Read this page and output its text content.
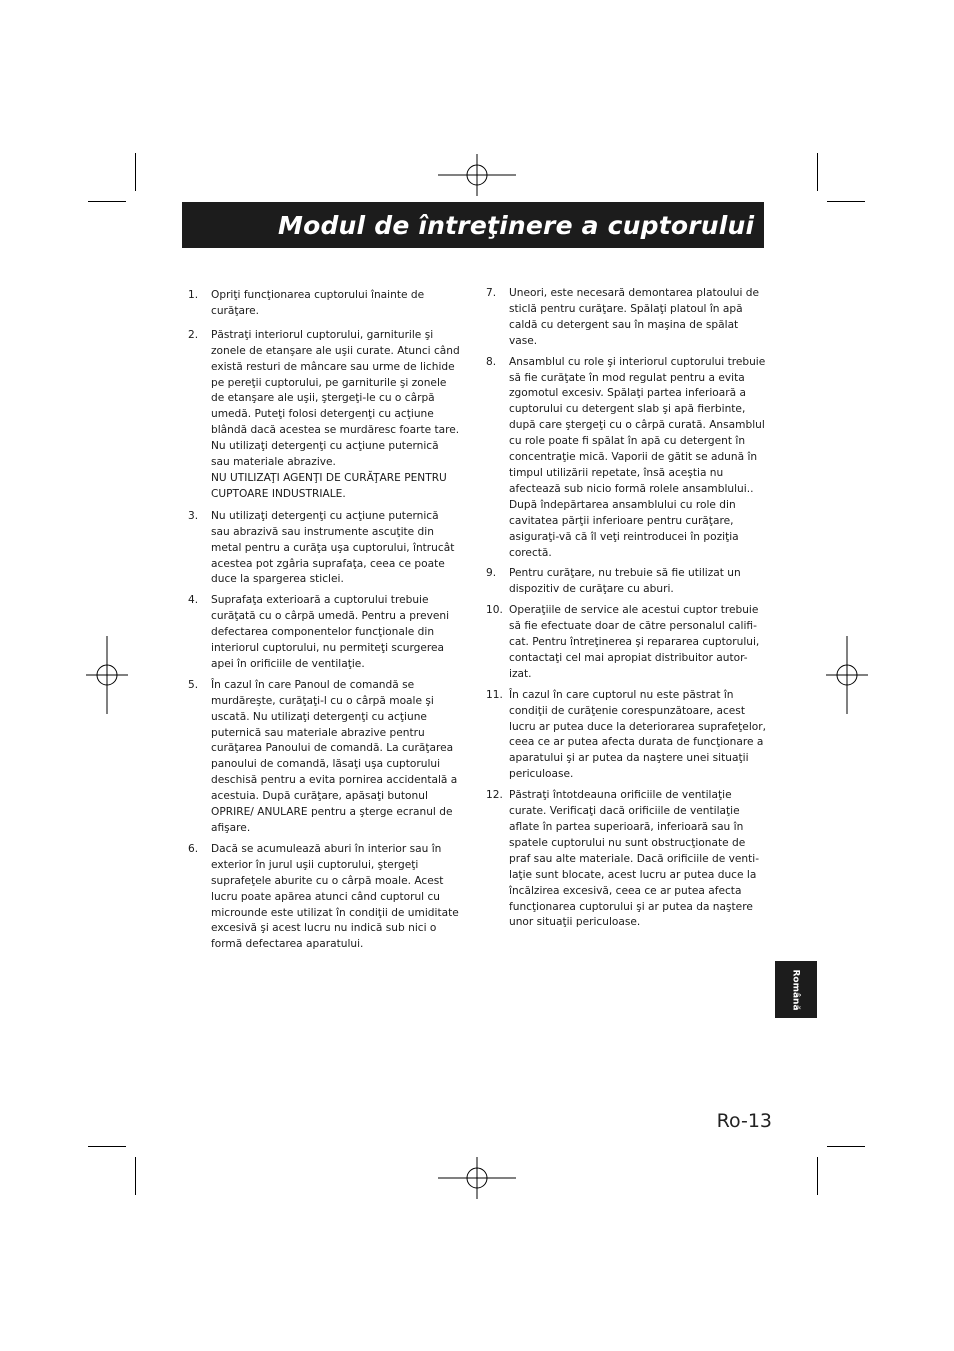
Modul de întreţinere a cuptorului
1.	Opriţi funcţionarea cuptorului înainte de curăţare.

2.	Păstraţi interiorul cuptorului, garniturile şi zonele de etanşare ale uşii curate. Atunci când există resturi de mâncare sau urme de lichide pe pereţii cuptorului, pe garniturile şi zonele de etanşare ale uşii, ştergeţi-le cu o cârpă umedă. Puteţi folosi detergenţi cu acţiune blândă dacă acestea se murdăresc foarte tare. Nu utilizaţi detergenţi cu acţiune puternică sau materiale abrazive.

NU UTILIZAŢI AGENŢI DE CURĂŢARE PENTRU CUPTOARE INDUSTRIALE.

3.	Nu utilizaţi detergenţi cu acţiune puternică sau abrazivă sau instrumente ascuţite din metal pentru a curăţa uşa cuptorului, întrucât acestea pot zgâria suprafaţa, ceea ce poate duce la spargerea sticlei.

4.	Suprafaţa exterioară a cuptorului trebuie curăţată cu o cârpă umedă. Pentru a preveni defectarea componentelor funcţionale din interiorul cuptorului, nu permiteţi scurgerea apei în orificiile de ventilaţie.

5.	În cazul în care Panoul de comandă se murdăreşte, curăţaţi-l cu o cârpă moale şi uscată. Nu utilizaţi detergenţi cu acţiune puternică sau materiale abrazive pentru curăţarea Panoului de comandă. La curăţarea panoului de comandă, lăsaţi uşa cuptorului deschisă pentru a evita pornirea accidentală a acestuia. După curăţare, apăsaţi butonul OPRIRE/ ANULARE pentru a şterge ecranul de afişare.

6.	Dacă se acumulează aburi în interior sau în exterior în jurul uşii cuptorului, ştergeţi suprafeţele aburite cu o cârpă moale. Acest lucru poate apărea atunci când cuptorul cu microunde este utilizat în condiţii de umiditate excesivă şi acest lucru nu indică sub nici o formă defectarea aparatului.

7.	Uneori, este necesară demontarea platoului de sticlă pentru curăţare. Spălaţi platoul în apă caldă cu detergent sau în maşina de spălat vase.

8.	Ansamblul cu role şi interiorul cuptorului trebuie să fie curăţate în mod regulat pentru a evita zgomotul excesiv. Spălaţi partea inferioară a cuptorului cu detergent slab şi apă fierbinte, după care ştergeţi cu o cârpă curată. Ansamblul cu role poate fi spălat în apă cu detergent în concentraţie mică. Vaporii de gătit se adună în timpul utilizării repetate, însă aceştia nu afectează sub nicio formă rolele ansamblului.. După îndepărtarea ansamblului cu role din cavitatea părţii inferioare pentru curăţare, asiguraţi-vă că îl veţi reintroducei în poziţia corectă.

9.	Pentru curăţare, nu trebuie să fie utilizat un dispozitiv de curăţare cu aburi.

10. Operaţiile de service ale acestui cuptor trebuie să fie efectuate doar de către personalul califi-cat. Pentru întreţinerea şi repararea cuptorului, contactaţi cel mai apropiat distribuitor autor-izat.

11. În cazul în care cuptorul nu este păstrat în condiţii de curăţenie corespunzătoare, acest lucru ar putea duce la deteriorarea suprafeţelor, ceea ce ar putea afecta durata de funcţionare a aparatului şi ar putea da naştere unei situaţii periculoase.

12. Păstraţi întotdeauna orificiile de ventilaţie curate. Verificaţi dacă orificiile de ventilaţie aflate în partea superioară, inferioară sau în spatele cuptorului nu sunt obstrucţionate de praf sau alte materiale. Dacă orificiile de venti-laţie sunt blocate, acest lucru ar putea duce la încălzirea excesivă, ceea ce ar putea afecta funcţionarea cuptorului şi ar putea da naştere unor situaţii periculoase.

Română
Ro-13
